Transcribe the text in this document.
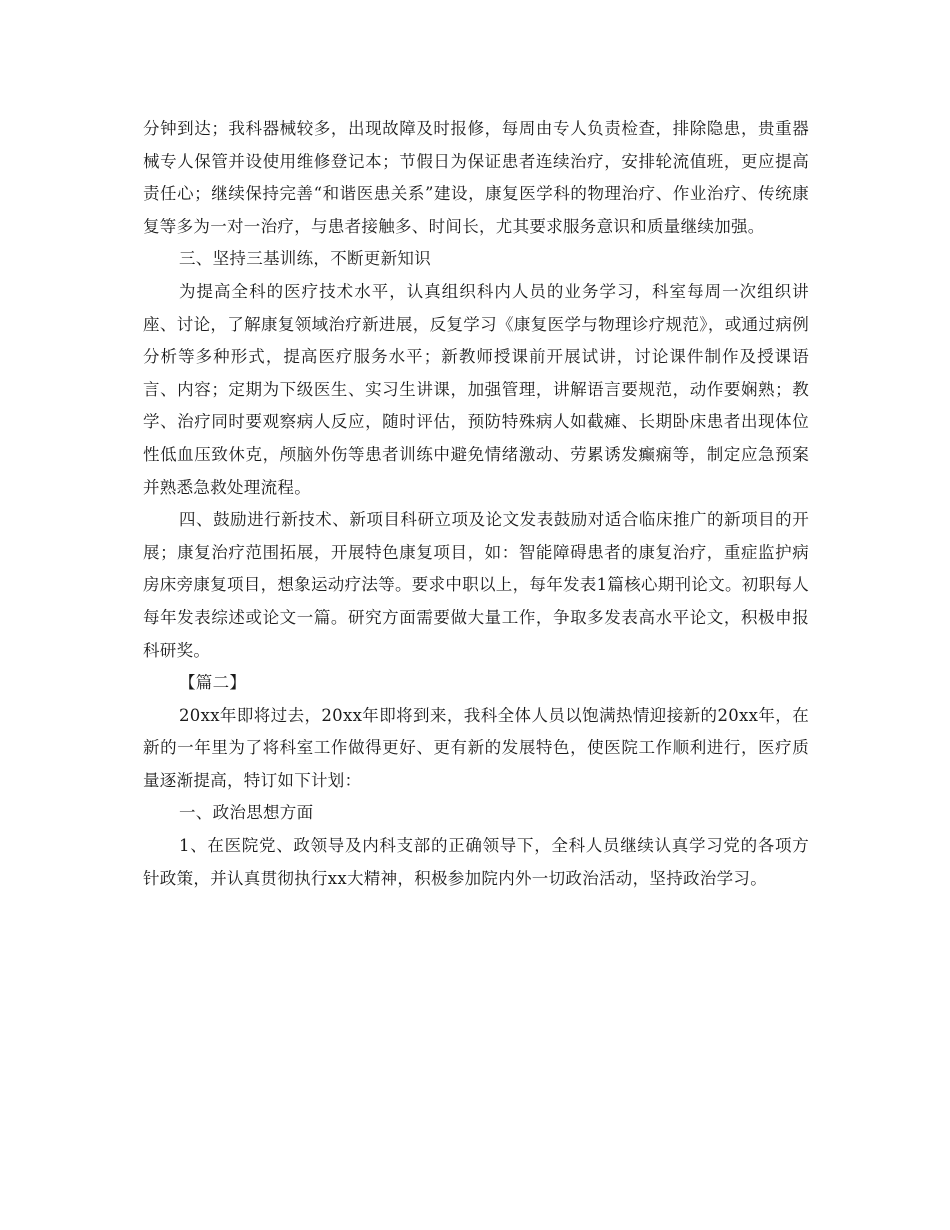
分钟到达；我科器械较多，出现故障及时报修，每周由专人负责检查，排除隐患，贵重器械专人保管并设使用维修登记本；节假日为保证患者连续治疗，安排轮流值班，更应提高责任心；继续保持完善“和谐医患关系”建设，康复医学科的物理治疗、作业治疗、传统康复等多为一对一治疗，与患者接触多、时间长，尤其要求服务意识和质量继续加强。

三、坚持三基训练，不断更新知识

为提高全科的医疗技术水平，认真组织科内人员的业务学习，科室每周一次组织讲座、讨论，了解康复领域治疗新进展，反复学习《康复医学与物理诊疗规范》，或通过病例分析等多种形式，提高医疗服务水平；新教师授课前开展试讲，讨论课件制作及授课语言、内容；定期为下级医生、实习生讲课，加强管理，讲解语言要规范，动作要娴熟；教学、治疗同时要观察病人反应，随时评估，预防特殊病人如截瘫、长期卧床患者出现体位性低血压致休克，颅脑外伤等患者训练中避免情绪激动、劳累诱发癫痫等，制定应急预案并熟悉急救处理流程。

四、鼓励进行新技术、新项目科研立项及论文发表鼓励对适合临床推广的新项目的开展；康复治疗范围拓展，开展特色康复项目，如：智能障碍患者的康复治疗，重症监护病房床旁康复项目，想象运动疗法等。要求中职以上，每年发表1篇核心期刊论文。初职每人每年发表综述或论文一篇。研究方面需要做大量工作，争取多发表高水平论文，积极申报科研奖。

【篇二】

20xx年即将过去，20xx年即将到来，我科全体人员以饱满热情迎接新的20xx年，在新的一年里为了将科室工作做得更好、更有新的发展特色，使医院工作顺利进行，医疗质量逐渐提高，特订如下计划：

一、政治思想方面

1、在医院党、政领导及内科支部的正确领导下，全科人员继续认真学习党的各项方针政策，并认真贯彻执行xx大精神，积极参加院内外一切政治活动，坚持政治学习。
